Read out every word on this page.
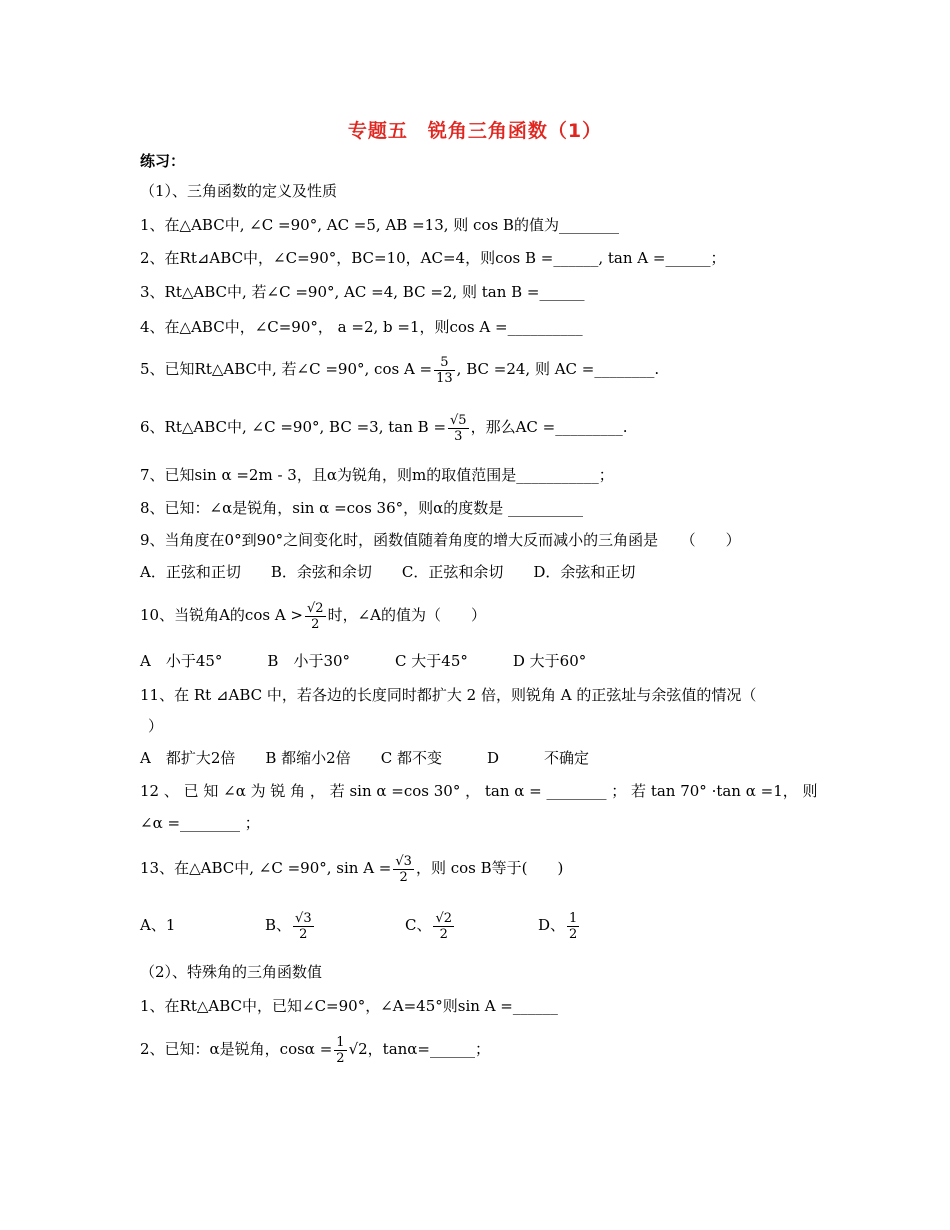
专题五　锐角三角函数（1）
练习：
（1）、三角函数的定义及性质
1、在△ABC中, ∠C =90°, AC =5, AB =13, 则 cos B的值为________
2、在Rt⊿ABC中，∠C=90°，BC=10，AC=4，则cos B =______, tan A =______；
3、Rt△ABC中, 若∠C =90°, AC =4, BC =2, 则 tan B =______
4、在△ABC中，∠C=90°， a =2, b =1，则cos A =__________
5、已知Rt△ABC中, 若∠C =90°, $\cos A = \frac{5}{13}$ , BC =24, 则 AC =________.
6、Rt△ABC中, ∠C =90°, BC =3, $\tan B = \frac{√5}{3}$ ，那么AC =_________.
7、已知sin α =2m - 3，且α为锐角，则m的取值范围是___________；
8、已知：∠α是锐角，sin α =cos 36°，则α的度数是 __________
9、当角度在0°到90°之间变化时，函数值随着角度的增大反而减小的三角函是　　（　　）
A．正弦和正切　　B．余弦和余切　　C．正弦和余切　　D．余弦和正切
10、当锐角A的$\cos A > \frac{√2}{2}$ 时，∠A的值为（　　）
A　小于45°　　　B　小于30°　　　C 大于45°　　　D 大于60°
11、在 Rt ⊿ABC 中，若各边的长度同时都扩大 2 倍，则锐角 A 的正弦址与余弦值的情况（
）
A　都扩大2倍　　B 都缩小2倍　　C 都不变　　　D　　　不确定
12 、 已 知 ∠α 为 锐 角 ， 若 sin α =cos 30° ， tan α = ________ ； 若 tan 70° ·tan α =1， 则
∠α =________ ；
13、在△ABC中, ∠C =90°, $\sin A = \frac{√3}{2}$ ，则 cos B等于(　　)
A、1	B、 $\frac{√3}{2}$	C、 $\frac{√2}{2}$	D、 $\frac{1}{2}$
（2）、特殊角的三角函数值
1、在Rt△ABC中，已知∠C=90°，∠A=45°则sin A =______
2、已知：α是锐角，$\cos\alpha = \frac{1}{2} √2$，tanα=______；
